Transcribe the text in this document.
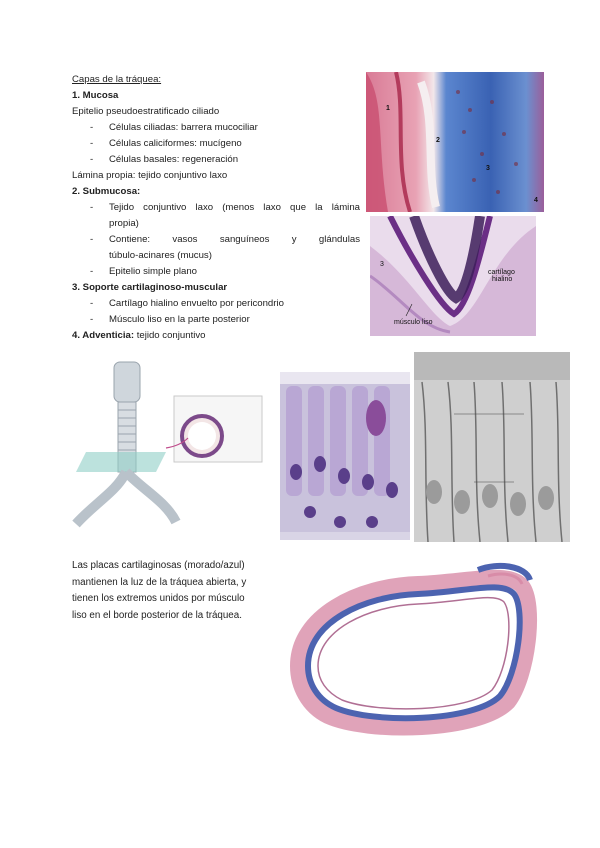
Capas de la tráquea:
1. Mucosa
Epitelio pseudoestratificado ciliado
- Células ciliadas: barrera mucociliar
- Células caliciformes: mucígeno
- Células basales: regeneración
Lámina propia: tejido conjuntivo laxo
2. Submucosa:
- Tejido conjuntivo laxo (menos laxo que la lámina
propia)
- Contiene: vasos sanguíneos y glándulas
túbulo-acinares (mucus)
- Epitelio simple plano
3. Soporte cartilaginoso-muscular
- Cartílago hialino envuelto por pericondrio
- Músculo liso en la parte posterior
4. Adventicia: tejido conjuntivo
1
2
3
4
3
cartílago
hialino
músculo liso
Las placas cartilaginosas (morado/azul)
mantienen la luz de la tráquea abierta, y
tienen los extremos unidos por músculo
liso en el borde posterior de la tráquea.
